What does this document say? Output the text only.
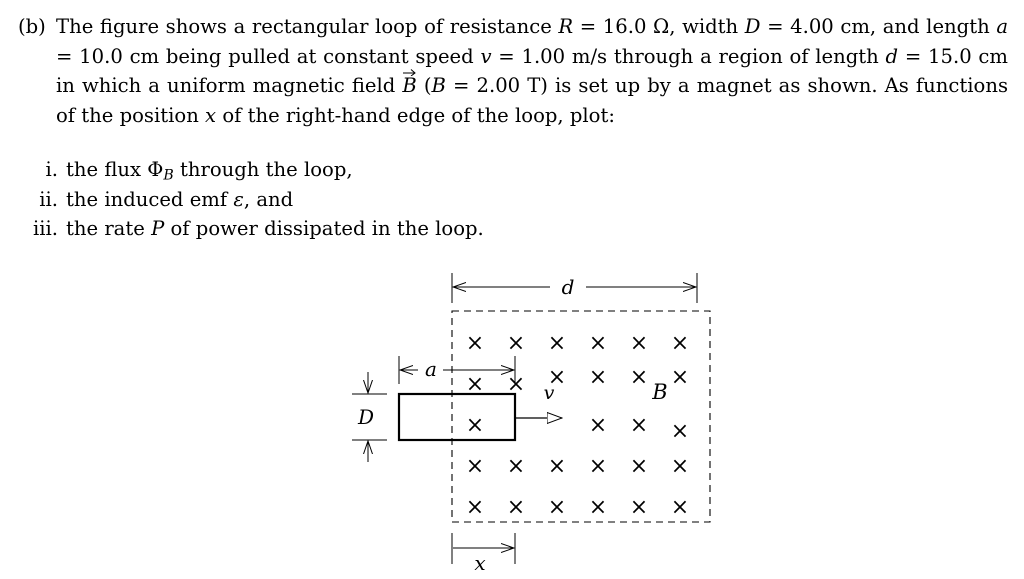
(b) The figure shows a rectangular loop of resistance R = 16.0 Ω, width D = 4.00 cm, and length a = 10.0 cm being pulled at constant speed v = 1.00 m/s through a region of length d = 15.0 cm in which a uniform magnetic field
B (B = 2.00 T) is set up by a magnet as shown. As functions of the position x of the right-hand edge of the loop, plot:
i. the flux $\Phi_B$ through the loop,
ii. the induced emf ε, and
iii. the rate P of power dissipated in the loop.
d
× × × × × ×
× × × × × ×
×	× × ×
× × × × × ×
× × × × × ×
a
v	B
D
x
